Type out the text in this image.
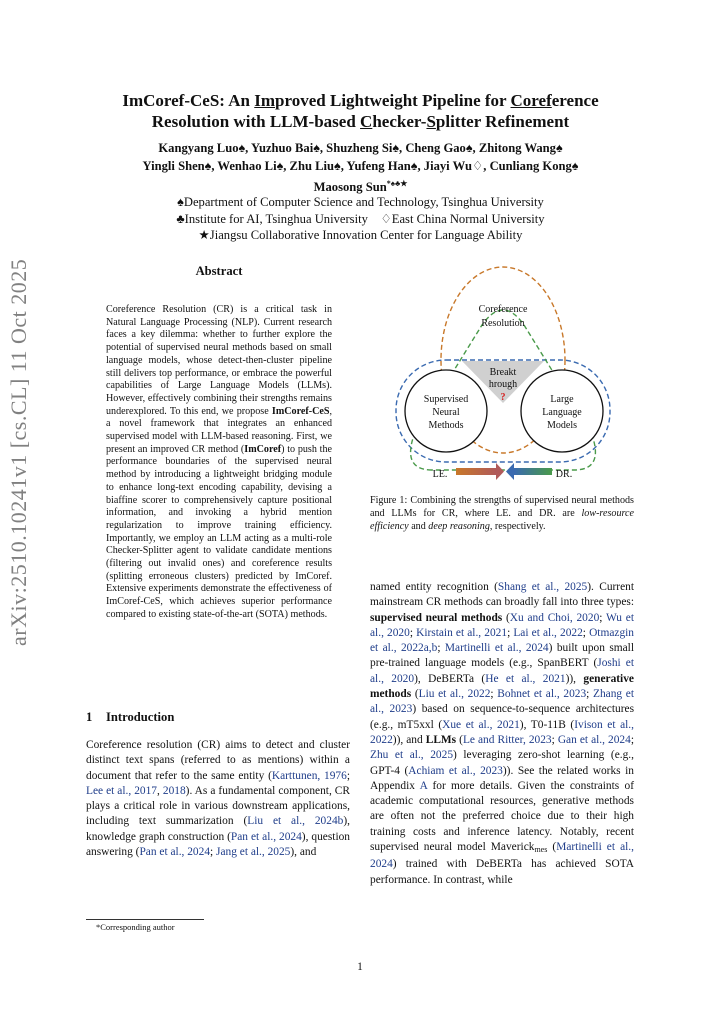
arXiv:2510.10241v1 [cs.CL] 11 Oct 2025
ImCoref-CeS: An Improved Lightweight Pipeline for Coreference
Resolution with LLM-based Checker-Splitter Refinement
Kangyang Luo♠, Yuzhuo Bai♠, Shuzheng Si♠, Cheng Gao♠, Zhitong Wang♠
Yingli Shen♠, Wenhao Li♠, Zhu Liu♠, Yufeng Han♠, Jiayi Wu♢, Cunliang Kong♠
Maosong Sun*♠♣★
♠Department of Computer Science and Technology, Tsinghua University
♣Institute for AI, Tsinghua University ♢East China Normal University
★Jiangsu Collaborative Innovation Center for Language Ability
Abstract
Coreference Resolution (CR) is a critical task in Natural Language Processing (NLP). Current research faces a key dilemma: whether to further explore the potential of supervised neural methods based on small language models, whose detect-then-cluster pipeline still delivers top performance, or embrace the powerful capabilities of Large Language Models (LLMs). However, effectively combining their strengths remains underexplored. To this end, we propose ImCoref-CeS, a novel framework that integrates an enhanced supervised model with LLM-based reasoning. First, we present an improved CR method (ImCoref) to push the performance boundaries of the supervised neural method by introducing a lightweight bridging module to enhance long-text encoding capability, devising a biaffine scorer to comprehensively capture positional information, and invoking a hybrid mention regularization to improve training efficiency. Importantly, we employ an LLM acting as a multi-role Checker-Splitter agent to validate candidate mentions (filtering out invalid ones) and coreference results (splitting erroneous clusters) predicted by ImCoref. Extensive experiments demonstrate the effectiveness of ImCoref-CeS, which achieves superior performance compared to existing state-of-the-art (SOTA) methods.
1 Introduction
Coreference resolution (CR) aims to detect and cluster distinct text spans (referred to as mentions) within a document that refer to the same entity (Karttunen, 1976; Lee et al., 2017, 2018). As a fundamental component, CR plays a critical role in various downstream applications, including text summarization (Liu et al., 2024b), knowledge graph construction (Pan et al., 2024), question answering (Pan et al., 2024; Jang et al., 2025), and
*Corresponding author
1
Coreference
Resolution
Supervised
Neural
Methods
Large
Language
Models
Breakt
hrough
?
LE.	DR.
Figure 1: Combining the strengths of supervised neural methods and LLMs for CR, where LE. and DR. are low-resource efficiency and deep reasoning, respectively.
named entity recognition (Shang et al., 2025). Current mainstream CR methods can broadly fall into three types: supervised neural methods (Xu and Choi, 2020; Wu et al., 2020; Kirstain et al., 2021; Lai et al., 2022; Otmazgin et al., 2022a,b; Martinelli et al., 2024) built upon small pre-trained language models (e.g., SpanBERT (Joshi et al., 2020), DeBERTa (He et al., 2021)), generative methods (Liu et al., 2022; Bohnet et al., 2023; Zhang et al., 2023) based on sequence-to-sequence architectures (e.g., mT5xxl (Xue et al., 2021), T0-11B (Ivison et al., 2022)), and LLMs (Le and Ritter, 2023; Gan et al., 2024; Zhu et al., 2025) leveraging zero-shot learning (e.g., GPT-4 (Achiam et al., 2023)). See the related works in Appendix A for more details. Given the constraints of academic computational resources, generative methods are often not the preferred choice due to their high training costs and inference latency. Notably, recent supervised neural model Maverick$_{mes}$ (Martinelli et al., 2024) trained with DeBERTa has achieved SOTA performance. In contrast, while
